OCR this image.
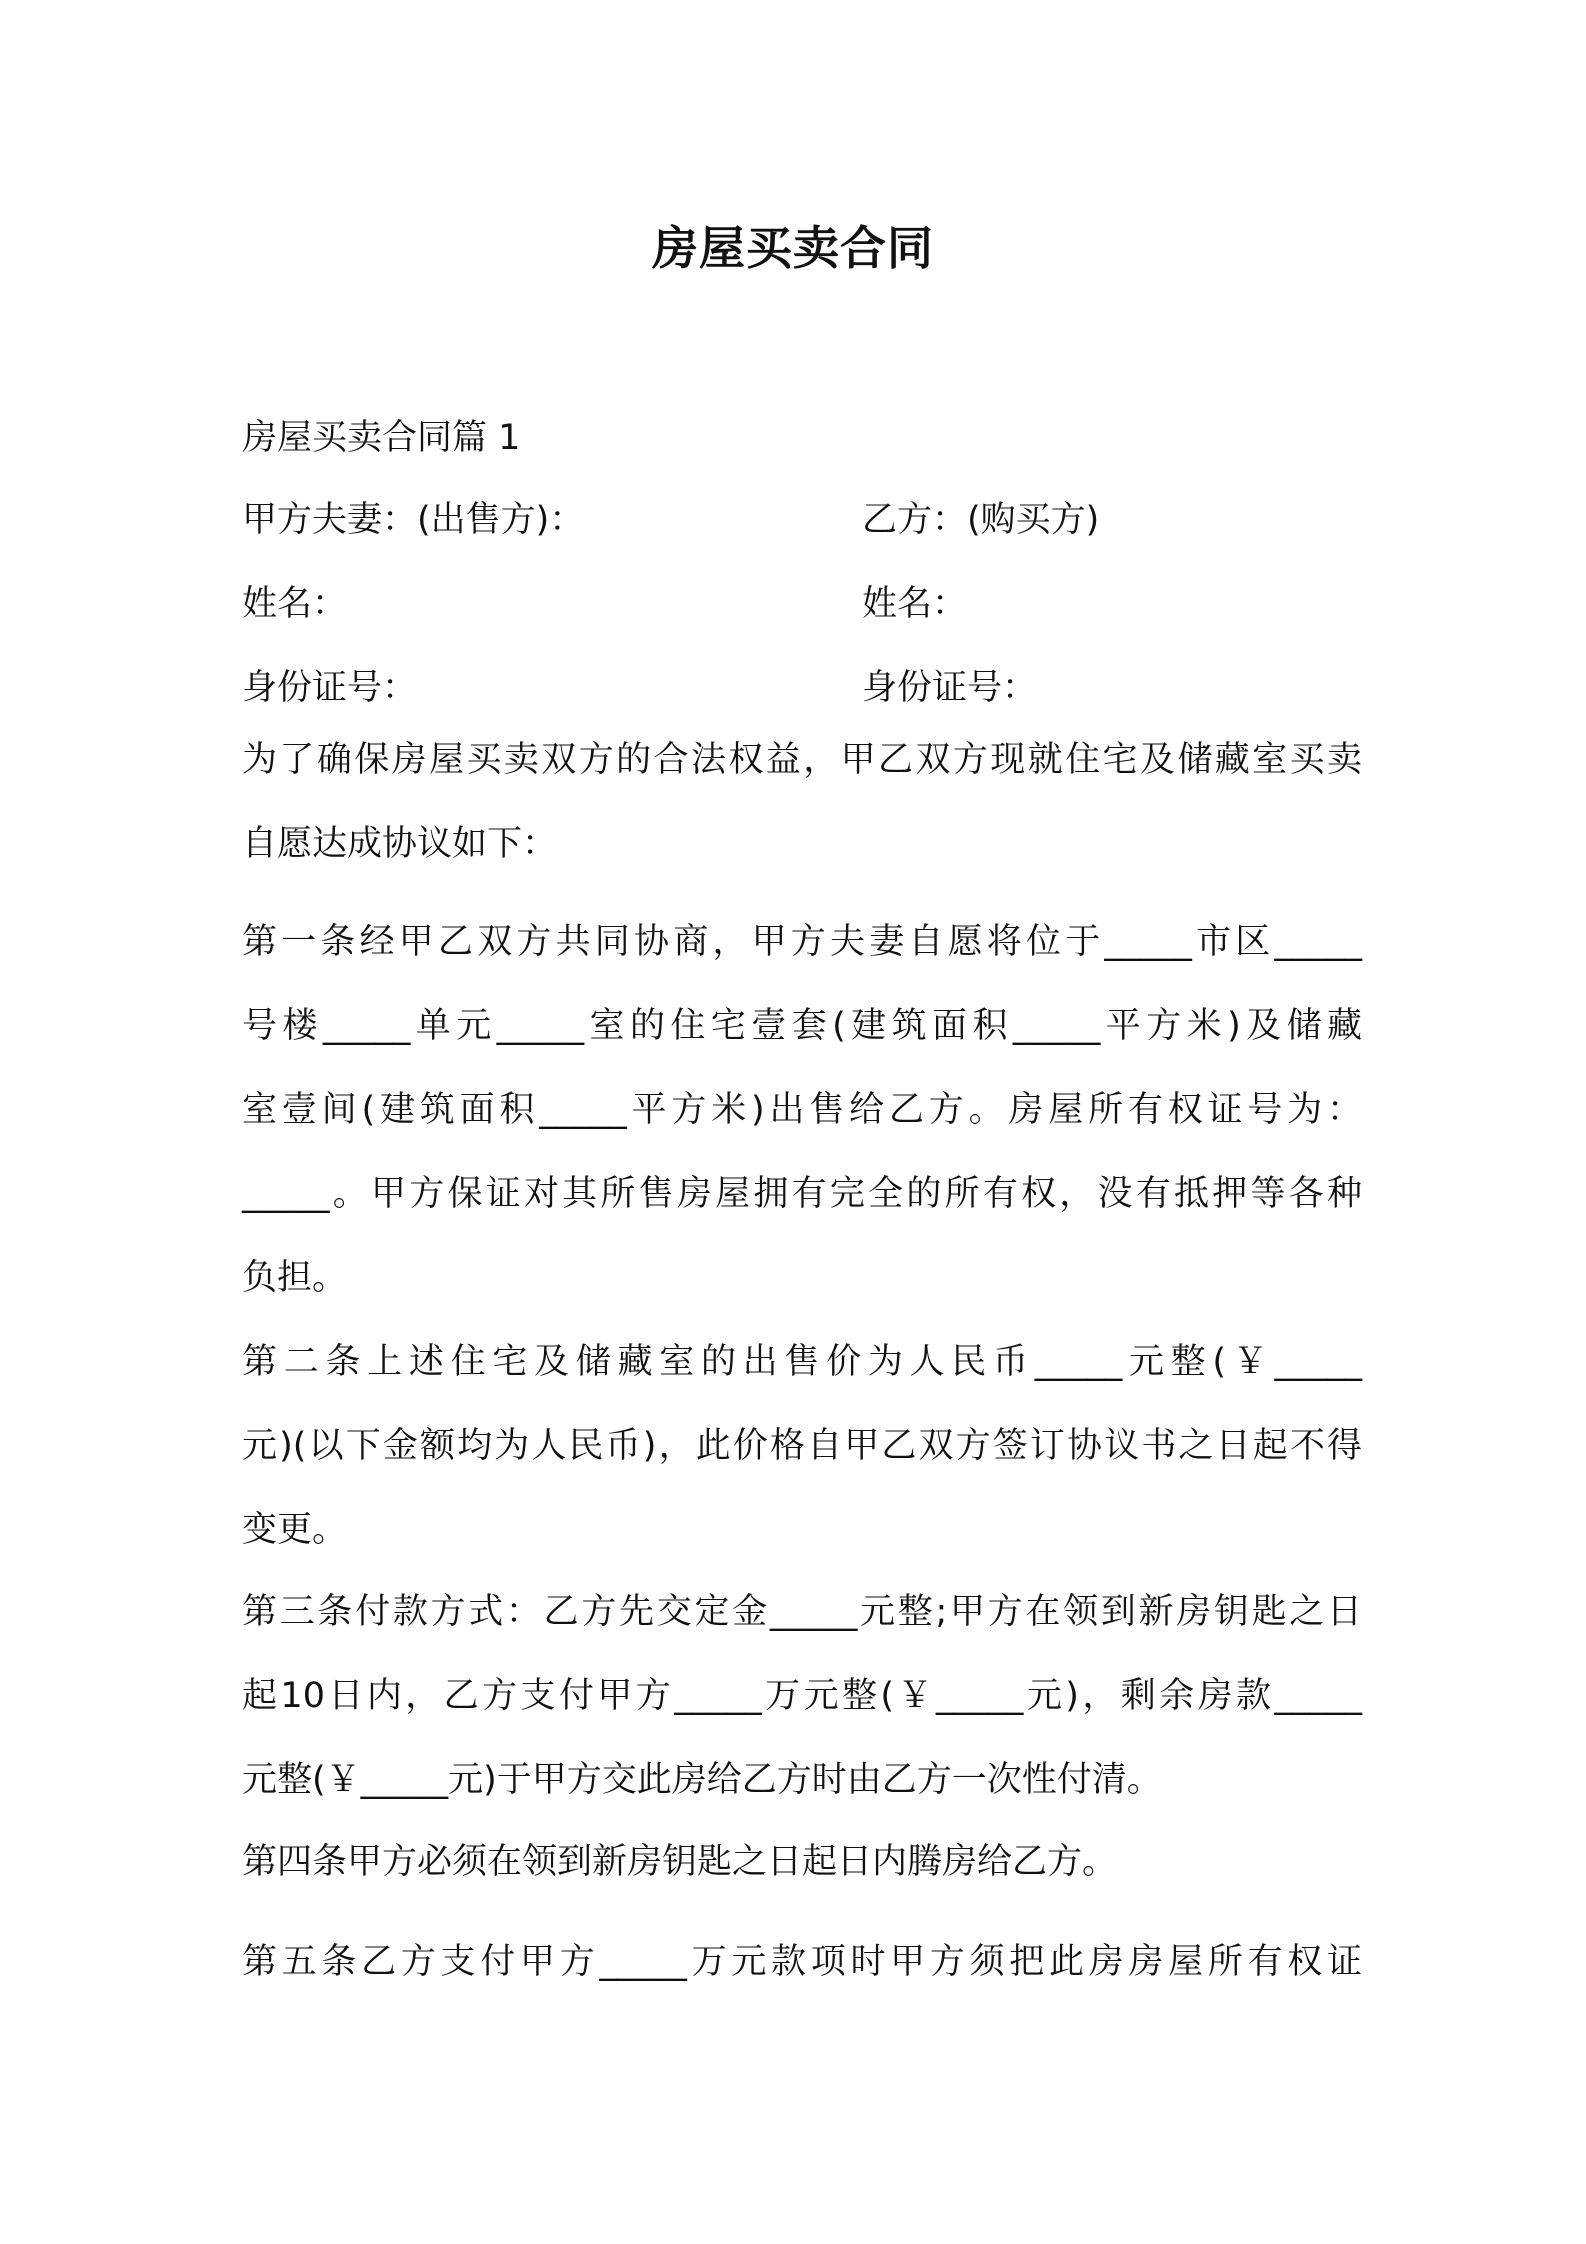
房屋买卖合同
房屋买卖合同篇 1
甲方夫妻：(出售方)：	乙方：(购买方)
姓名：	姓名：
身份证号：	身份证号：
为了确保房屋买卖双方的合法权益，甲乙双方现就住宅及储藏室买卖
自愿达成协议如下：
第一条经甲乙双方共同协商，甲方夫妻自愿将位于_____市区_____
号楼_____单元_____室的住宅壹套(建筑面积_____平方米)及储藏
室壹间(建筑面积_____平方米)出售给乙方。房屋所有权证号为：
_____。甲方保证对其所售房屋拥有完全的所有权，没有抵押等各种
负担。
第二条上述住宅及储藏室的出售价为人民币_____元整(￥_____
元)(以下金额均为人民币)，此价格自甲乙双方签订协议书之日起不得
变更。
第三条付款方式：乙方先交定金_____元整;甲方在领到新房钥匙之日
起10日内，乙方支付甲方_____万元整(￥_____元)，剩余房款_____
元整(￥_____元)于甲方交此房给乙方时由乙方一次性付清。
第四条甲方必须在领到新房钥匙之日起日内腾房给乙方。
第五条乙方支付甲方_____万元款项时甲方须把此房房屋所有权证
